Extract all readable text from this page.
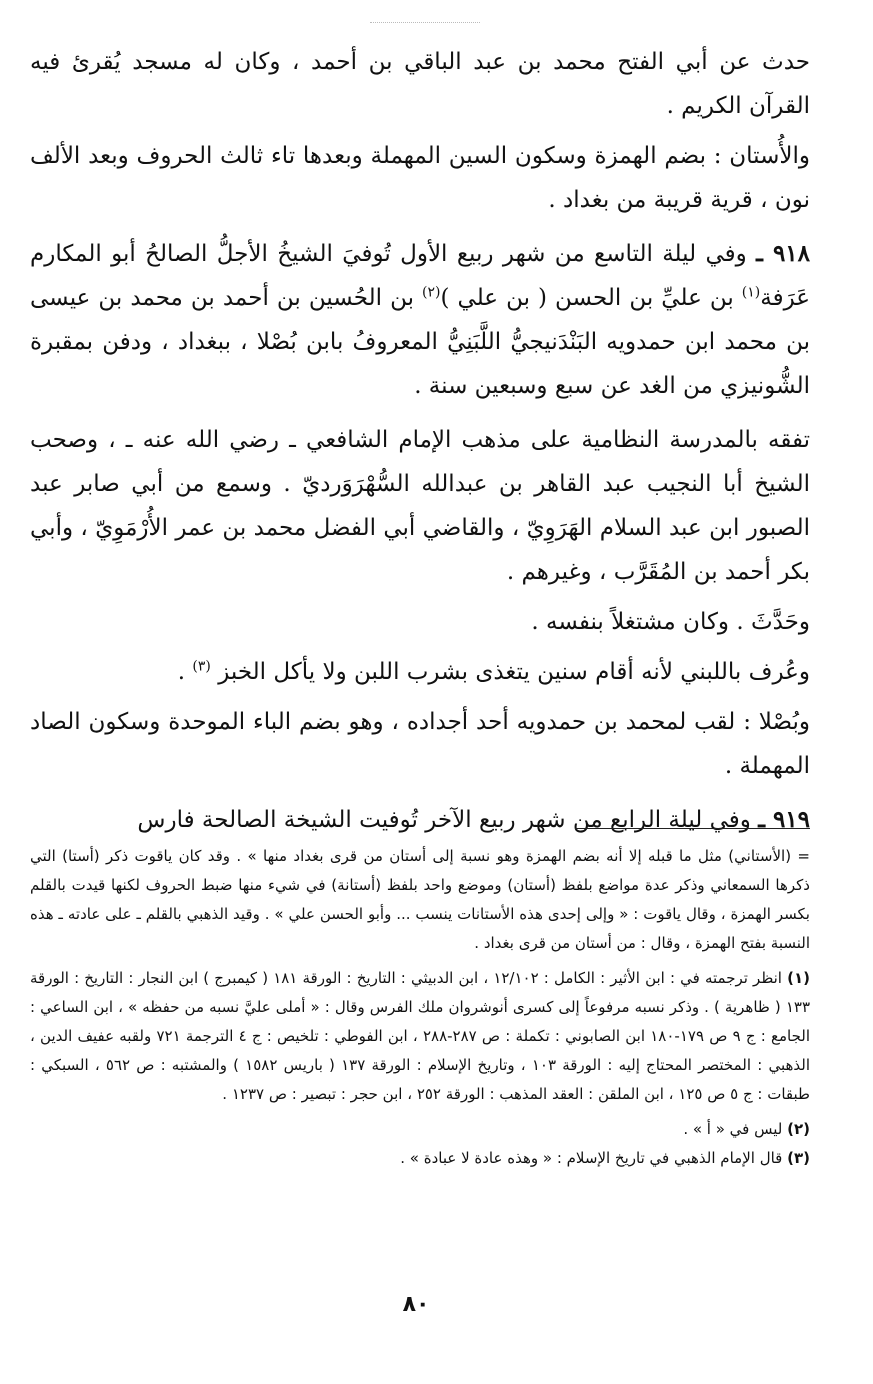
حدث عن أبي الفتح محمد بن عبد الباقي بن أحمد ، وكان له مسجد يُقرئ فيه القرآن الكريم .

والأُستان : بضم الهمزة وسكون السين المهملة وبعدها تاء ثالث الحروف وبعد الألف نون ، قرية قريبة من بغداد .

٩١٨ ـ وفي ليلة التاسع من شهر ربيع الأول تُوفيَ الشيخُ الأجلُّ الصالحُ أبو المكارم عَرَفة$^{(١)}$ بن عليِّ بن الحسن ( بن علي )$^{(٢)}$ بن الحُسين بن أحمد بن محمد بن عيسى بن محمد ابن حمدويه البَنْدَنيجيُّ اللَّبَنِيُّ المعروفُ بابن بُصْلا ، ببغداد ، ودفن بمقبرة الشُّونيزي من الغد عن سبع وسبعين سنة .

تفقه بالمدرسة النظامية على مذهب الإمام الشافعي ـ رضي الله عنه ـ ، وصحب الشيخ أبا النجيب عبد القاهر بن عبدالله السُّهْرَوَرديّ . وسمع من أبي صابر عبد الصبور ابن عبد السلام الهَرَوِيّ ، والقاضي أبي الفضل محمد بن عمر الأُرْمَوِيّ ، وأبي بكر أحمد بن المُقَرَّب ، وغيرهم .

وحَدَّثَ . وكان مشتغلاً بنفسه .

وعُرف باللبني لأنه أقام سنين يتغذى بشرب اللبن ولا يأكل الخبز $^{(٣)}$ .

وبُصْلا : لقب لمحمد بن حمدويه أحد أجداده ، وهو بضم الباء الموحدة وسكون الصاد المهملة .

٩١٩ ـ وفي ليلة الرابع من شهر ربيع الآخر تُوفيت الشيخة الصالحة فارس

= (الأستاني) مثل ما قبله إلا أنه بضم الهمزة وهو نسبة إلى أستان من قرى بغداد منها » . وقد كان ياقوت ذكر (أستا) التي ذكرها السمعاني وذكر عدة مواضع بلفظ (أستان) وموضع واحد بلفظ (أستانة) في شيء منها ضبط الحروف لكنها قيدت بالقلم بكسر الهمزة ، وقال ياقوت : « وإلى إحدى هذه الأستانات ينسب ... وأبو الحسن علي » . وقيد الذهبي بالقلم ـ على عادته ـ هذه النسبة بفتح الهمزة ، وقال : من أستان من قرى بغداد .

(١) انظر ترجمته في : ابن الأثير : الكامل : ١٢/١٠٢ ، ابن الدبيثي : التاريخ : الورقة ١٨١ ( كيمبرج ) ابن النجار : التاريخ : الورقة ١٣٣ ( ظاهرية ) . وذكر نسبه مرفوعاً إلى كسرى أنوشروان ملك الفرس وقال : « أملى عليَّ نسبه من حفظه » ، ابن الساعي : الجامع : ج ٩ ص ١٧٩-١٨٠ ابن الصابوني : تكملة : ص ٢٨٧-٢٨٨ ، ابن الفوطي : تلخيص : ج ٤ الترجمة ٧٢١ ولقبه عفيف الدين ، الذهبي : المختصر المحتاج إليه : الورقة ١٠٣ ، وتاريخ الإسلام : الورقة ١٣٧ ( باريس ١٥٨٢ ) والمشتبه : ص ٥٦٢ ، السبكي : طبقات : ج ٥ ص ١٢٥ ، ابن الملقن : العقد المذهب : الورقة ٢٥٢ ، ابن حجر : تبصير : ص ١٢٣٧ .

(٢) ليس في « أ » .

(٣) قال الإمام الذهبي في تاريخ الإسلام : « وهذه عادة لا عبادة » .

٨٠
